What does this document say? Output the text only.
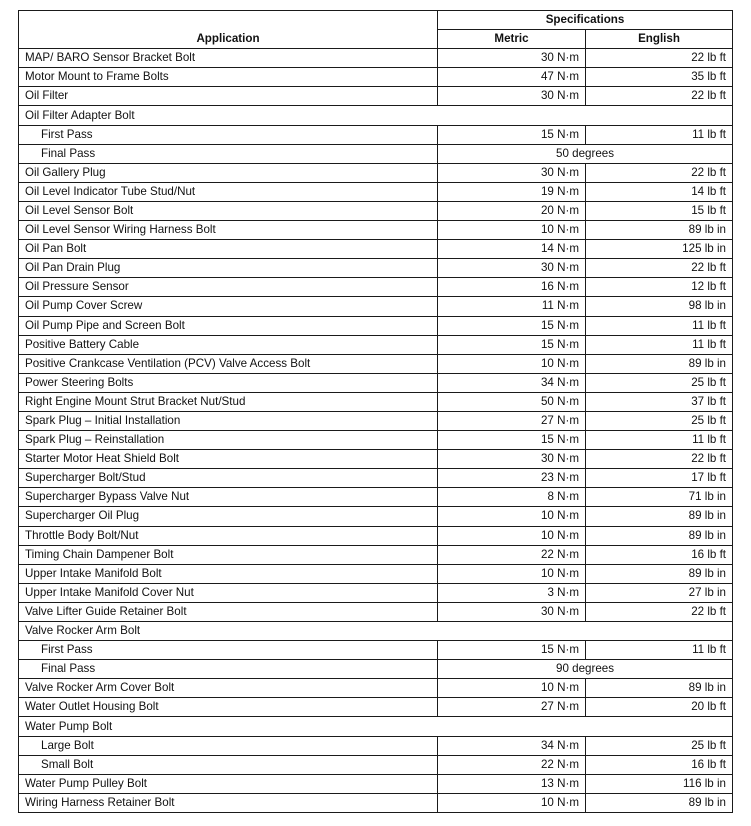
Application	Specifications	
	Metric	English
MAP/ BARO Sensor Bracket Bolt	30 N·m	22 lb ft
Motor Mount to Frame Bolts	47 N·m	35 lb ft
Oil Filter	30 N·m	22 lb ft
Oil Filter Adapter Bolt		
First Pass	15 N·m	11 lb ft
Final Pass	50 degrees	
Oil Gallery Plug	30 N·m	22 lb ft
Oil Level Indicator Tube Stud/Nut	19 N·m	14 lb ft
Oil Level Sensor Bolt	20 N·m	15 lb ft
Oil Level Sensor Wiring Harness Bolt	10 N·m	89 lb in
Oil Pan Bolt	14 N·m	125 lb in
Oil Pan Drain Plug	30 N·m	22 lb ft
Oil Pressure Sensor	16 N·m	12 lb ft
Oil Pump Cover Screw	11 N·m	98 lb in
Oil Pump Pipe and Screen Bolt	15 N·m	11 lb ft
Positive Battery Cable	15 N·m	11 lb ft
Positive Crankcase Ventilation (PCV) Valve Access Bolt	10 N·m	89 lb in
Power Steering Bolts	34 N·m	25 lb ft
Right Engine Mount Strut Bracket Nut/Stud	50 N·m	37 lb ft
Spark Plug – Initial Installation	27 N·m	25 lb ft
Spark Plug – Reinstallation	15 N·m	11 lb ft
Starter Motor Heat Shield Bolt	30 N·m	22 lb ft
Supercharger Bolt/Stud	23 N·m	17 lb ft
Supercharger Bypass Valve Nut	8 N·m	71 lb in
Supercharger Oil Plug	10 N·m	89 lb in
Throttle Body Bolt/Nut	10 N·m	89 lb in
Timing Chain Dampener Bolt	22 N·m	16 lb ft
Upper Intake Manifold Bolt	10 N·m	89 lb in
Upper Intake Manifold Cover Nut	3 N·m	27 lb in
Valve Lifter Guide Retainer Bolt	30 N·m	22 lb ft
Valve Rocker Arm Bolt		
First Pass	15 N·m	11 lb ft
Final Pass	90 degrees	
Valve Rocker Arm Cover Bolt	10 N·m	89 lb in
Water Outlet Housing Bolt	27 N·m	20 lb ft
Water Pump Bolt		
Large Bolt	34 N·m	25 lb ft
Small Bolt	22 N·m	16 lb ft
Water Pump Pulley Bolt	13 N·m	116 lb in
Wiring Harness Retainer Bolt	10 N·m	89 lb in
